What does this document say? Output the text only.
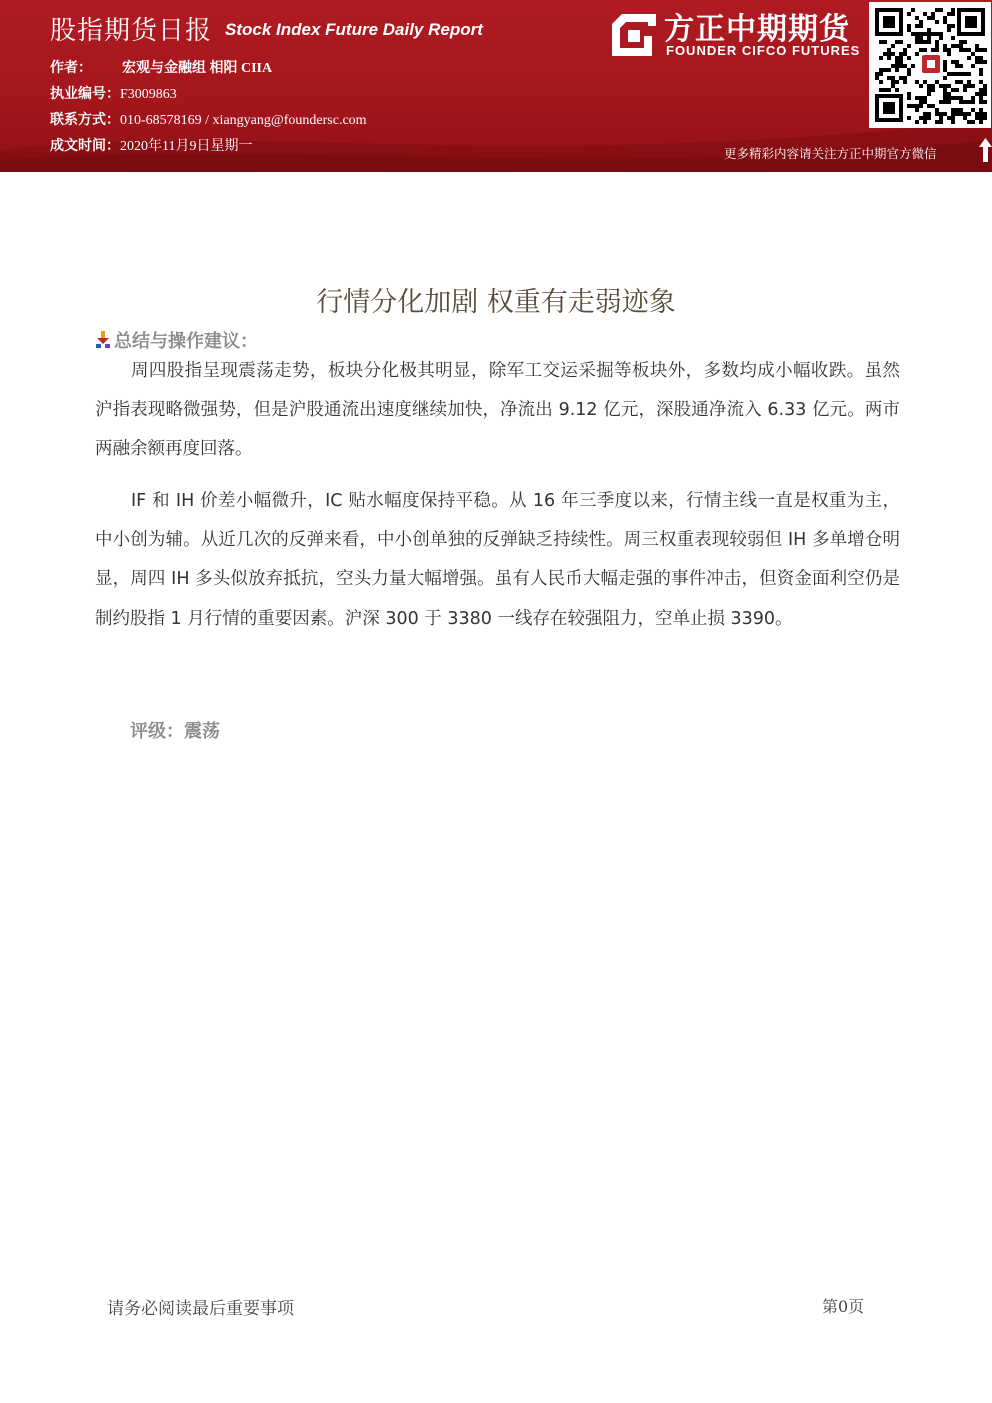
股指期货日报 Stock Index Future Daily Report
作者： 宏观与金融组 相阳 CIIA
执业编号：F3009863
联系方式：010-68578169 / xiangyang@foundersc.com
成文时间：2020年11月9日星期一
方正中期期货
FOUNDER CIFCO FUTURES
更多精彩内容请关注方正中期官方微信
行情分化加剧 权重有走弱迹象
总结与操作建议：

周四股指呈现震荡走势，板块分化极其明显，除军工交运采掘等板块外，多数均成小幅收跌。虽然沪指表现略微强势，但是沪股通流出速度继续加快，净流出 9.12 亿元，深股通净流入 6.33 亿元。两市两融余额再度回落。

IF 和 IH 价差小幅微升，IC 贴水幅度保持平稳。从 16 年三季度以来，行情主线一直是权重为主，中小创为辅。从近几次的反弹来看，中小创单独的反弹缺乏持续性。周三权重表现较弱但 IH 多单增仓明显，周四 IH 多头似放弃抵抗，空头力量大幅增强。虽有人民币大幅走强的事件冲击，但资金面利空仍是制约股指 1 月行情的重要因素。沪深 300 于 3380 一线存在较强阻力，空单止损 3390。

评级：震荡
请务必阅读最后重要事项	第0页
